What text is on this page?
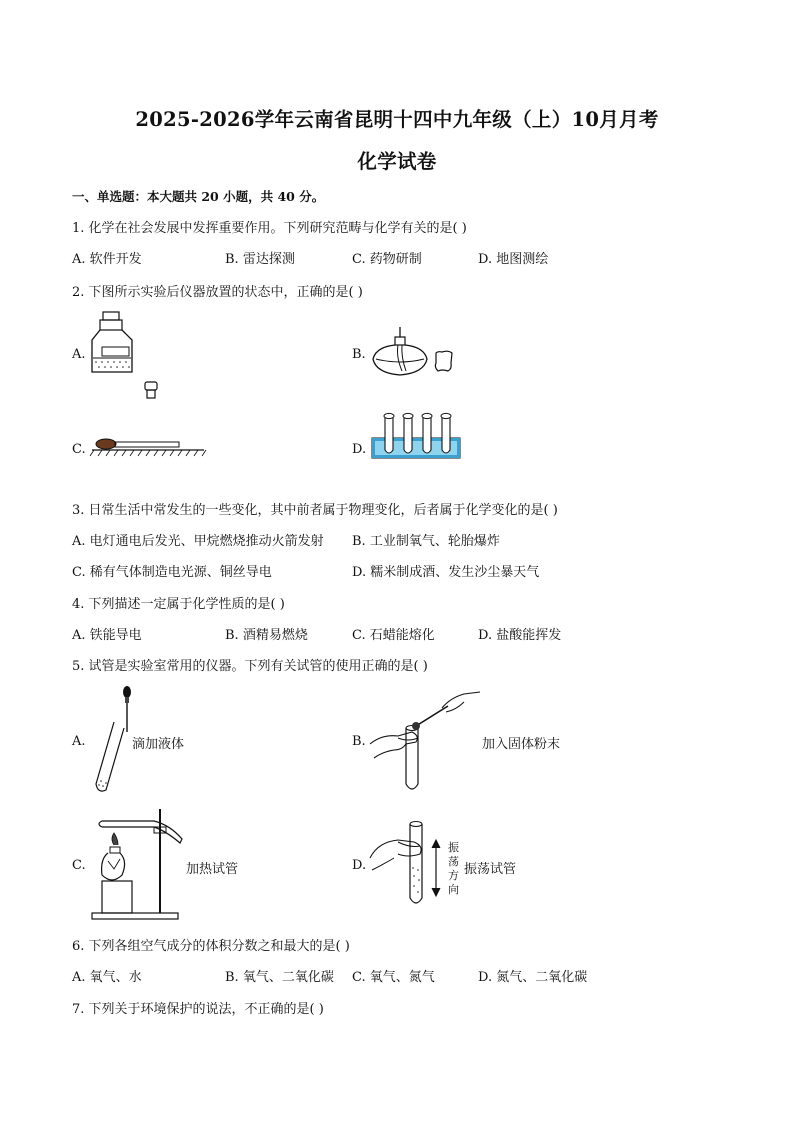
2025-2026学年云南省昆明十四中九年级（上）10月月考
化学试卷
一、单选题：本大题共 20 小题，共 40 分。
1. 化学在社会发展中发挥重要作用。下列研究范畴与化学有关的是( )
A. 软件开发	B. 雷达探测	C. 药物研制	D. 地图测绘
2. 下图所示实验后仪器放置的状态中，正确的是( )
A.	B.
C.	D.
3. 日常生活中常发生的一些变化，其中前者属于物理变化，后者属于化学变化的是( )
A. 电灯通电后发光、甲烷燃烧推动火箭发射 B. 工业制氧气、轮胎爆炸
C. 稀有气体制造电光源、铜丝导电	D. 糯米制成酒、发生沙尘暴天气
4. 下列描述一定属于化学性质的是( )
A. 铁能导电	B. 酒精易燃烧	C. 石蜡能熔化	D. 盐酸能挥发
5. 试管是实验室常用的仪器。下列有关试管的使用正确的是( )
A.	滴加液体	B.	加入固体粉末
C.	加热试管	D.	振荡试管
振
荡
方
向
6. 下列各组空气成分的体积分数之和最大的是( )
A. 氧气、水	B. 氧气、二氧化碳 C. 氧气、氮气	D. 氮气、二氧化碳
7. 下列关于环境保护的说法，不正确的是( )
